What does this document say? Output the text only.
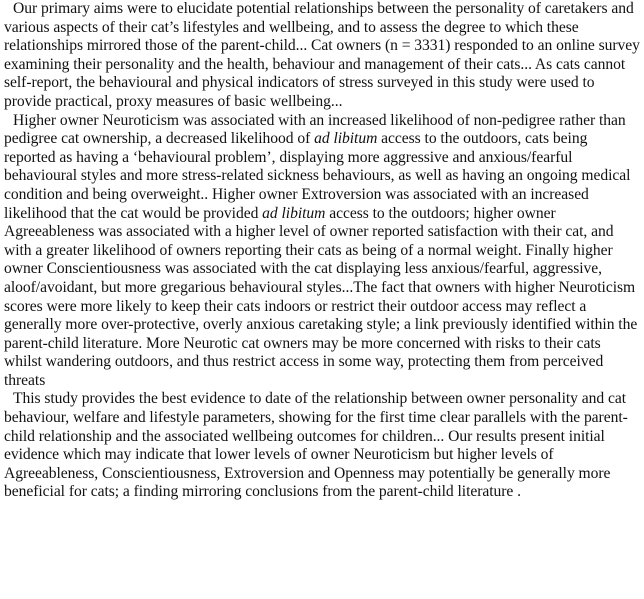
Our primary aims were to elucidate potential relationships between the personality of caretakers and various aspects of their cat’s lifestyles and wellbeing, and to assess the degree to which these relationships mirrored those of the parent-child... Cat owners (n = 3331) responded to an online survey examining their personality and the health, behaviour and management of their cats... As cats cannot self-report, the behavioural and physical indicators of stress surveyed in this study were used to provide practical, proxy measures of basic wellbeing...

Higher owner Neuroticism was associated with an increased likelihood of non-pedigree rather than pedigree cat ownership, a decreased likelihood of ad libitum access to the outdoors, cats being reported as having a ‘behavioural problem’, displaying more aggressive and anxious/fearful behavioural styles and more stress-related sickness behaviours, as well as having an ongoing medical condition and being overweight.. Higher owner Extroversion was associated with an increased likelihood that the cat would be provided ad libitum access to the outdoors; higher owner Agreeableness was associated with a higher level of owner reported satisfaction with their cat, and with a greater likelihood of owners reporting their cats as being of a normal weight. Finally higher owner Conscientiousness was associated with the cat displaying less anxious/fearful, aggressive, aloof/avoidant, but more gregarious behavioural styles...The fact that owners with higher Neuroticism scores were more likely to keep their cats indoors or restrict their outdoor access may reflect a generally more over-protective, overly anxious caretaking style; a link previously identified within the parent-child literature. More Neurotic cat owners may be more concerned with risks to their cats whilst wandering outdoors, and thus restrict access in some way, protecting them from perceived threats

This study provides the best evidence to date of the relationship between owner personality and cat behaviour, welfare and lifestyle parameters, showing for the first time clear parallels with the parent-child relationship and the associated wellbeing outcomes for children... Our results present initial evidence which may indicate that lower levels of owner Neuroticism but higher levels of Agreeableness, Conscientiousness, Extroversion and Openness may potentially be generally more beneficial for cats; a finding mirroring conclusions from the parent-child literature .
